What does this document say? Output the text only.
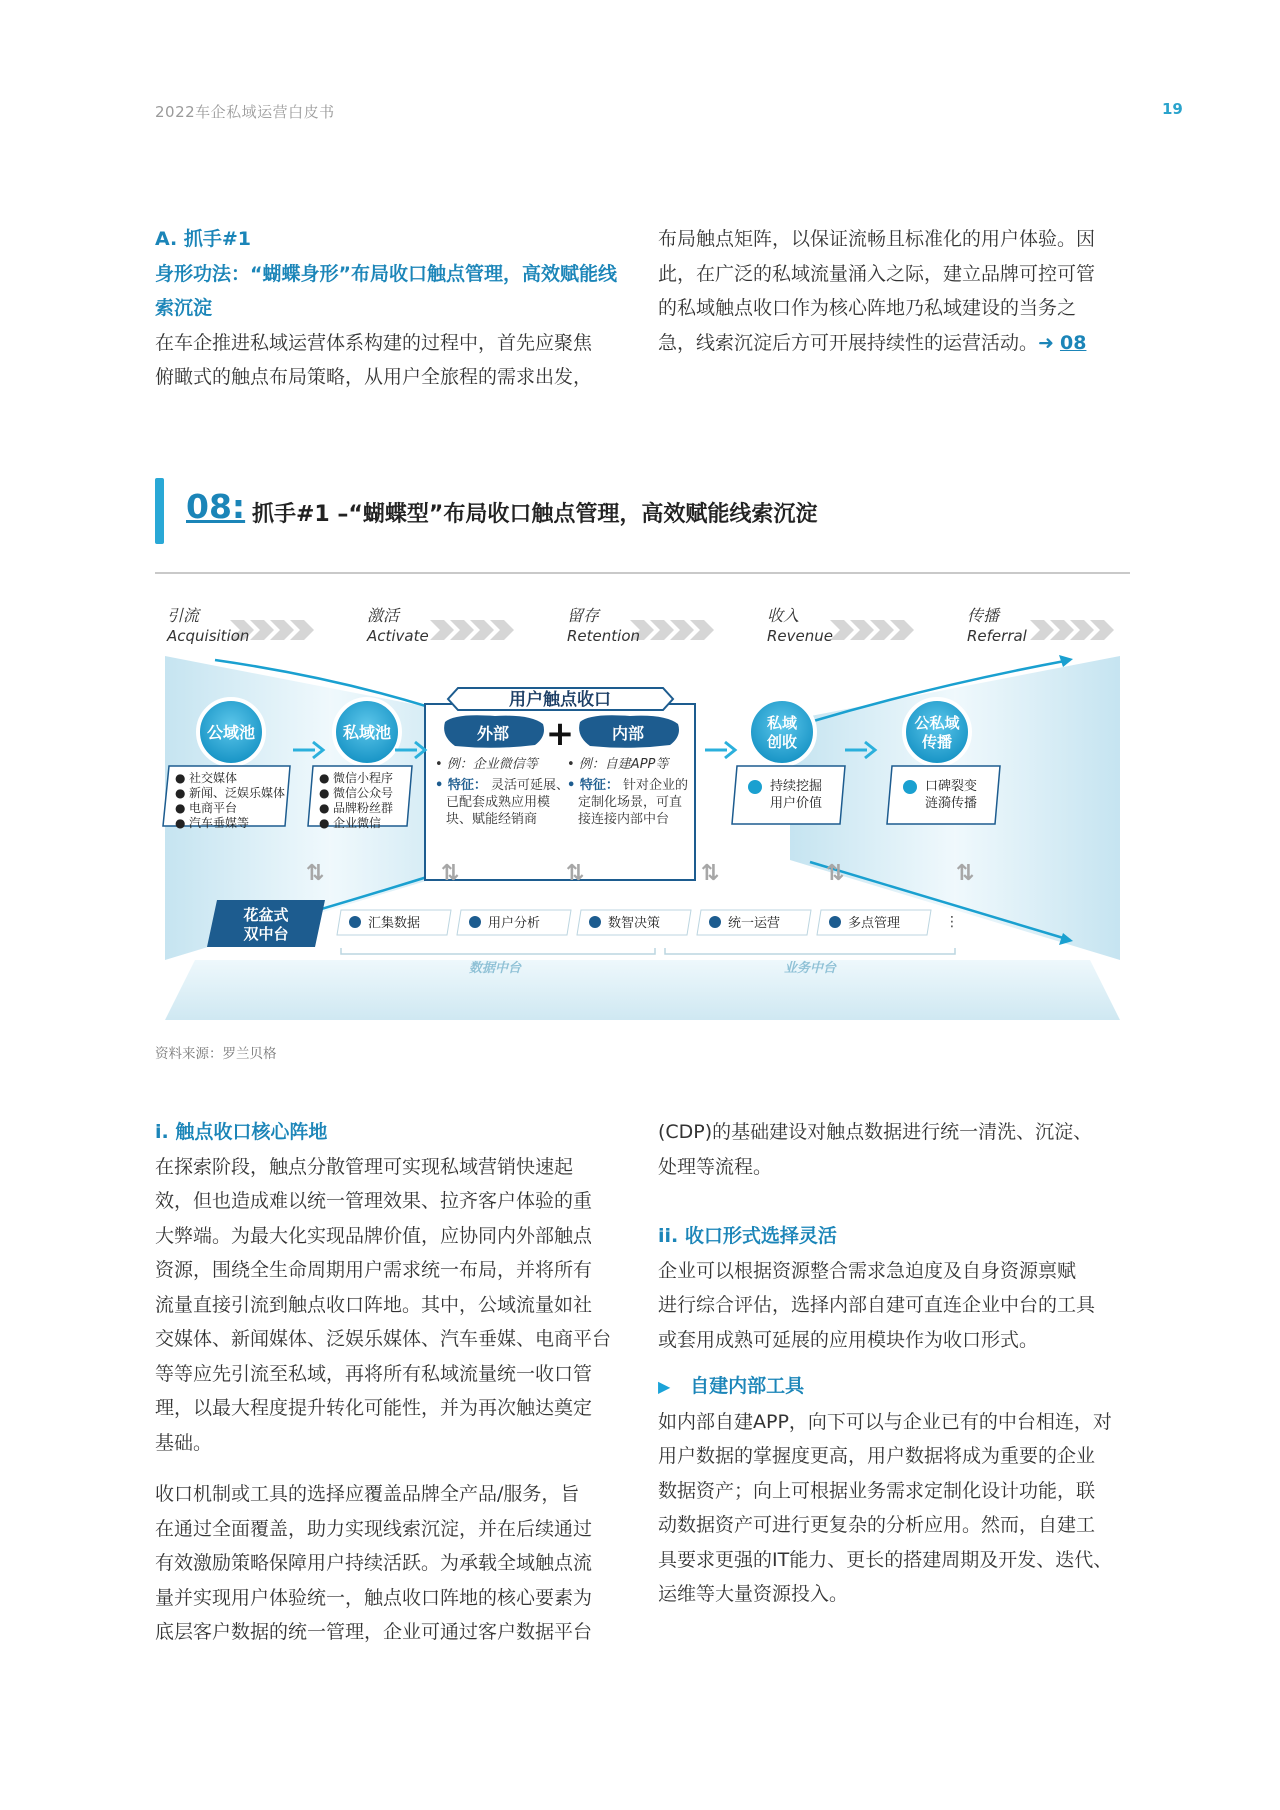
2022车企私域运营白皮书	19
A. 抓手#1
身形功法：“蝴蝶身形”布局收口触点管理，高效赋能线索沉淀
在车企推进私域运营体系构建的过程中，首先应聚焦
俯瞰式的触点布局策略，从用户全旅程的需求出发，
布局触点矩阵，以保证流畅且标准化的用户体验。因
此，在广泛的私域流量涌入之际，建立品牌可控可管
的私域触点收口作为核心阵地乃私域建设的当务之
急，线索沉淀后方可开展持续性的运营活动。➜ 08
08: 抓手#1 –“蝴蝶型”布局收口触点管理，高效赋能线索沉淀
引流
Acquisition
激活
Activate
留存
Retention
收入
Revenue
传播
Referral
用户触点收口
外部 + 内部
• 例：企业微信等
• 特征： 灵活可延展、
已配套成熟应用模
块、赋能经销商
• 例：自建APP等
• 特征： 针对企业的
定制化场景，可直
接连接内部中台
公域池
● 社交媒体
● 新闻、泛娱乐媒体
● 电商平台
● 汽车垂媒等
私域池
● 微信小程序
● 微信公众号
● 品牌粉丝群
● 企业微信
私域
创收
持续挖掘
用户价值
公私域
传播
口碑裂变
涟漪传播
⇅	⇅	⇅	⇅	⇅	⇅
花盆式
双中台
汇集数据	用户分析	数智决策	统一运营	多点管理	⋮
数据中台	业务中台
资料来源：罗兰贝格
i. 触点收口核心阵地
在探索阶段，触点分散管理可实现私域营销快速起
效，但也造成难以统一管理效果、拉齐客户体验的重
大弊端。为最大化实现品牌价值，应协同内外部触点
资源，围绕全生命周期用户需求统一布局，并将所有
流量直接引流到触点收口阵地。其中，公域流量如社
交媒体、新闻媒体、泛娱乐媒体、汽车垂媒、电商平台
等等应先引流至私域，再将所有私域流量统一收口管
理，以最大程度提升转化可能性，并为再次触达奠定
基础。
收口机制或工具的选择应覆盖品牌全产品/服务，旨
在通过全面覆盖，助力实现线索沉淀，并在后续通过
有效激励策略保障用户持续活跃。为承载全域触点流
量并实现用户体验统一，触点收口阵地的核心要素为
底层客户数据的统一管理，企业可通过客户数据平台
(CDP)的基础建设对触点数据进行统一清洗、沉淀、
处理等流程。
ii. 收口形式选择灵活
企业可以根据资源整合需求急迫度及自身资源禀赋
进行综合评估，选择内部自建可直连企业中台的工具
或套用成熟可延展的应用模块作为收口形式。
▶ 自建内部工具
如内部自建APP，向下可以与企业已有的中台相连，对
用户数据的掌握度更高，用户数据将成为重要的企业
数据资产；向上可根据业务需求定制化设计功能，联
动数据资产可进行更复杂的分析应用。然而，自建工
具要求更强的IT能力、更长的搭建周期及开发、迭代、
运维等大量资源投入。
